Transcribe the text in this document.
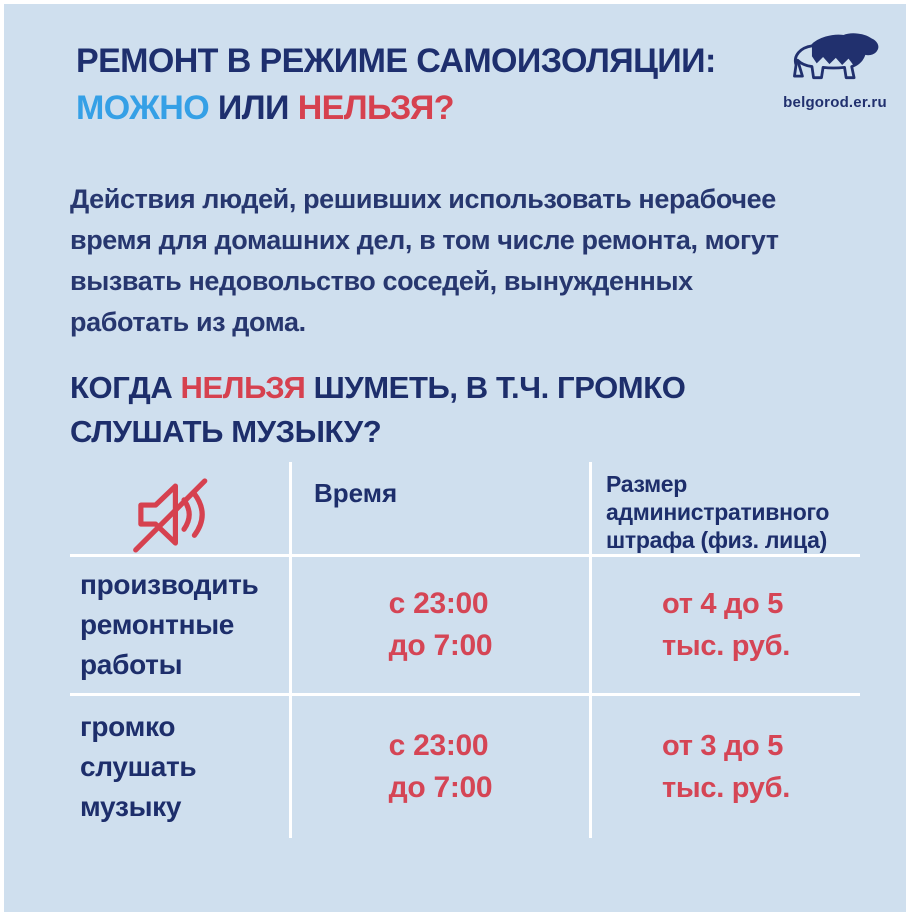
РЕМОНТ В РЕЖИМЕ САМОИЗОЛЯЦИИ:
МОЖНО ИЛИ НЕЛЬЗЯ?	belgorod.er.ru

Действия людей, решивших использовать нерабочее
время для домашних дел, в том числе ремонта, могут
вызвать недовольство соседей, вынужденных
работать из дома.

КОГДА НЕЛЬЗЯ ШУМЕТЬ, В Т.Ч. ГРОМКО
СЛУШАТЬ МУЗЫКУ?
Время	Размер административного штрафа (физ. лица)
производить ремонтные работы
с 23:00
до 7:00
от 4 до 5
тыс. руб.
громко слушать музыку
с 23:00
до 7:00
от 3 до 5
тыс. руб.
